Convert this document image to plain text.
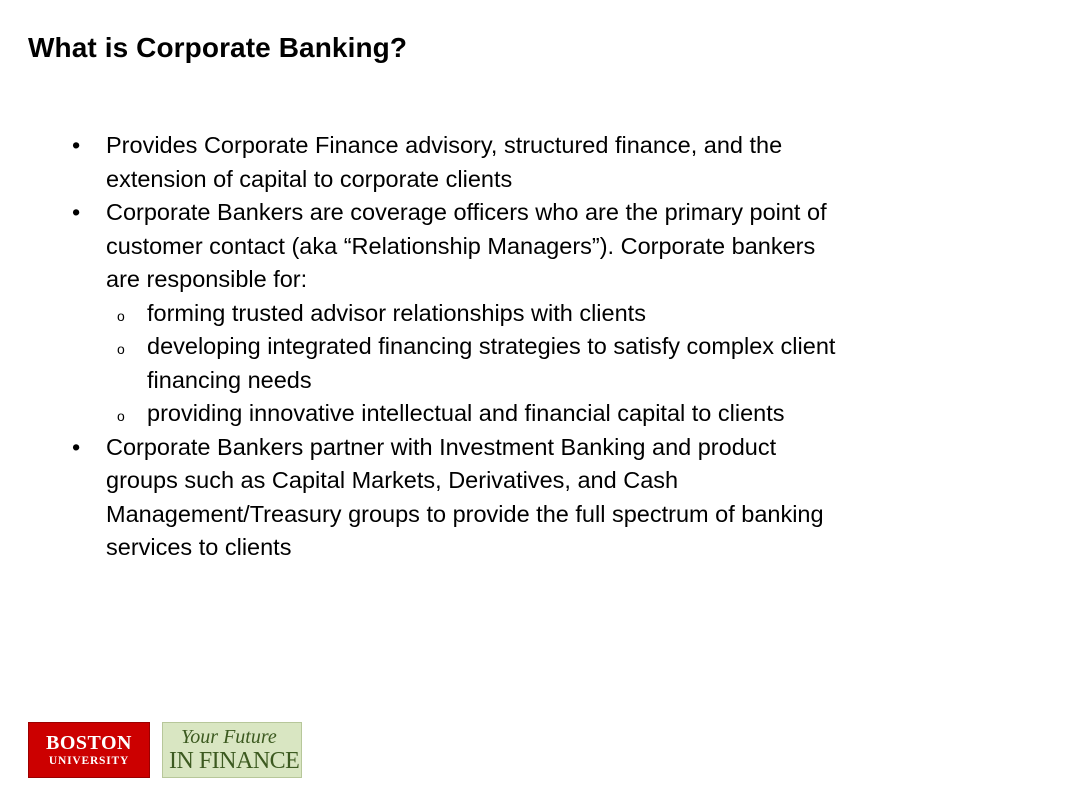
What is Corporate Banking?
•	Provides Corporate Finance advisory, structured finance, and the
extension of capital to corporate clients
•	Corporate Bankers are coverage officers who are the primary point of
customer contact (aka “Relationship Managers”). Corporate bankers
are responsible for:
o forming trusted advisor relationships with clients
o developing integrated financing strategies to satisfy complex client
financing needs
o providing innovative intellectual and financial capital to clients
•	Corporate Bankers partner with Investment Banking and product
groups such as Capital Markets, Derivatives, and Cash
Management/Treasury groups to provide the full spectrum of banking
services to clients
BOSTON
UNIVERSITY
Your Future
IN FINANCE
